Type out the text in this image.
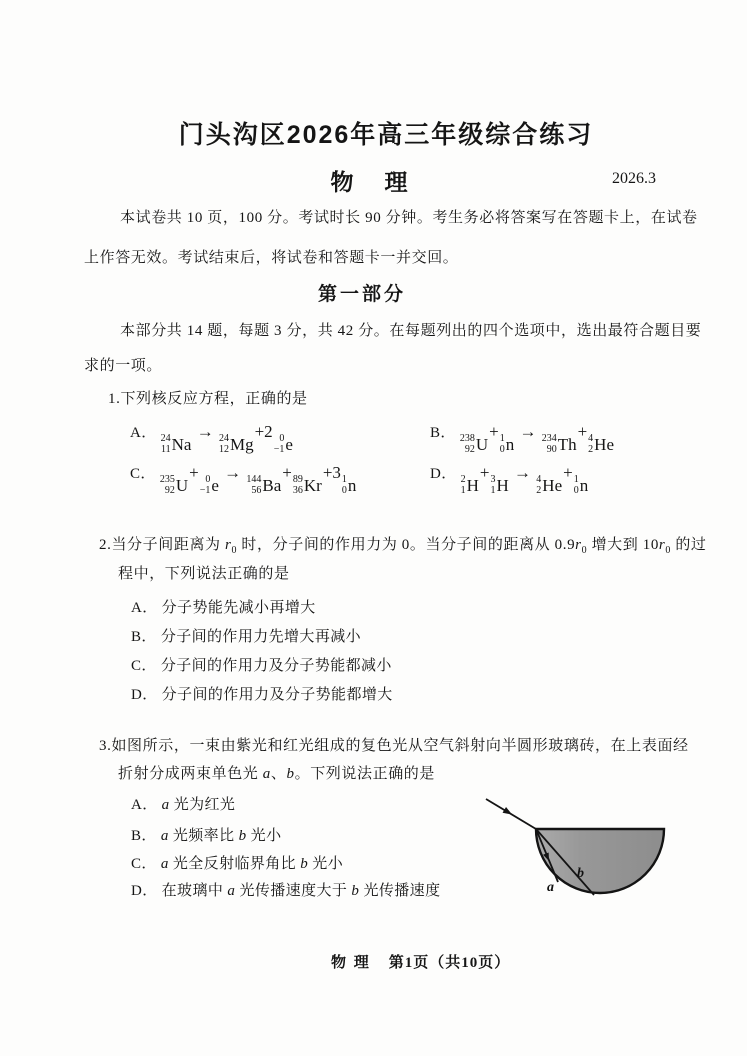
门头沟区2026年高三年级综合练习
物　理	2026.3
本试卷共 10 页，100 分。考试时长 90 分钟。考生务必将答案写在答题卡上，在试卷
上作答无效。考试结束后，将试卷和答题卡一并交回。
第一部分
本部分共 14 题，每题 3 分，共 42 分。在每题列出的四个选项中，选出最符合题目要
求的一项。
1.下列核反应方程，正确的是
A． 24
11 Na
→ 24
12 Mg
+2 0
−1 e
B． 238
92 U
+ 1
0 n
→ 234
90 Th
+ 4
2 He
C． 235
92 U
+ 0
−1 e
→ 144
56 Ba
+ 89
36 Kr
+3 1
0 n
D． 2
1 H
+ 3
1 H
→ 4
2 He
+ 1
0 n
2.当分子间距离为 $r_0$ 时，分子间的作用力为 0。当分子间的距离从 $0.9r_0$ 增大到 $10r_0$ 的过
程中，下列说法正确的是
A． 分子势能先减小再增大
B． 分子间的作用力先增大再减小
C． 分子间的作用力及分子势能都减小
D． 分子间的作用力及分子势能都增大
3.如图所示，一束由紫光和红光组成的复色光从空气斜射向半圆形玻璃砖，在上表面经
折射分成两束单色光 a、b。下列说法正确的是
A． a 光为红光
B． a 光频率比 b 光小
C． a 光全反射临界角比 b 光小
D． 在玻璃中 a 光传播速度大于 b 光传播速度	a
b
物 理 第1页（共10页）
